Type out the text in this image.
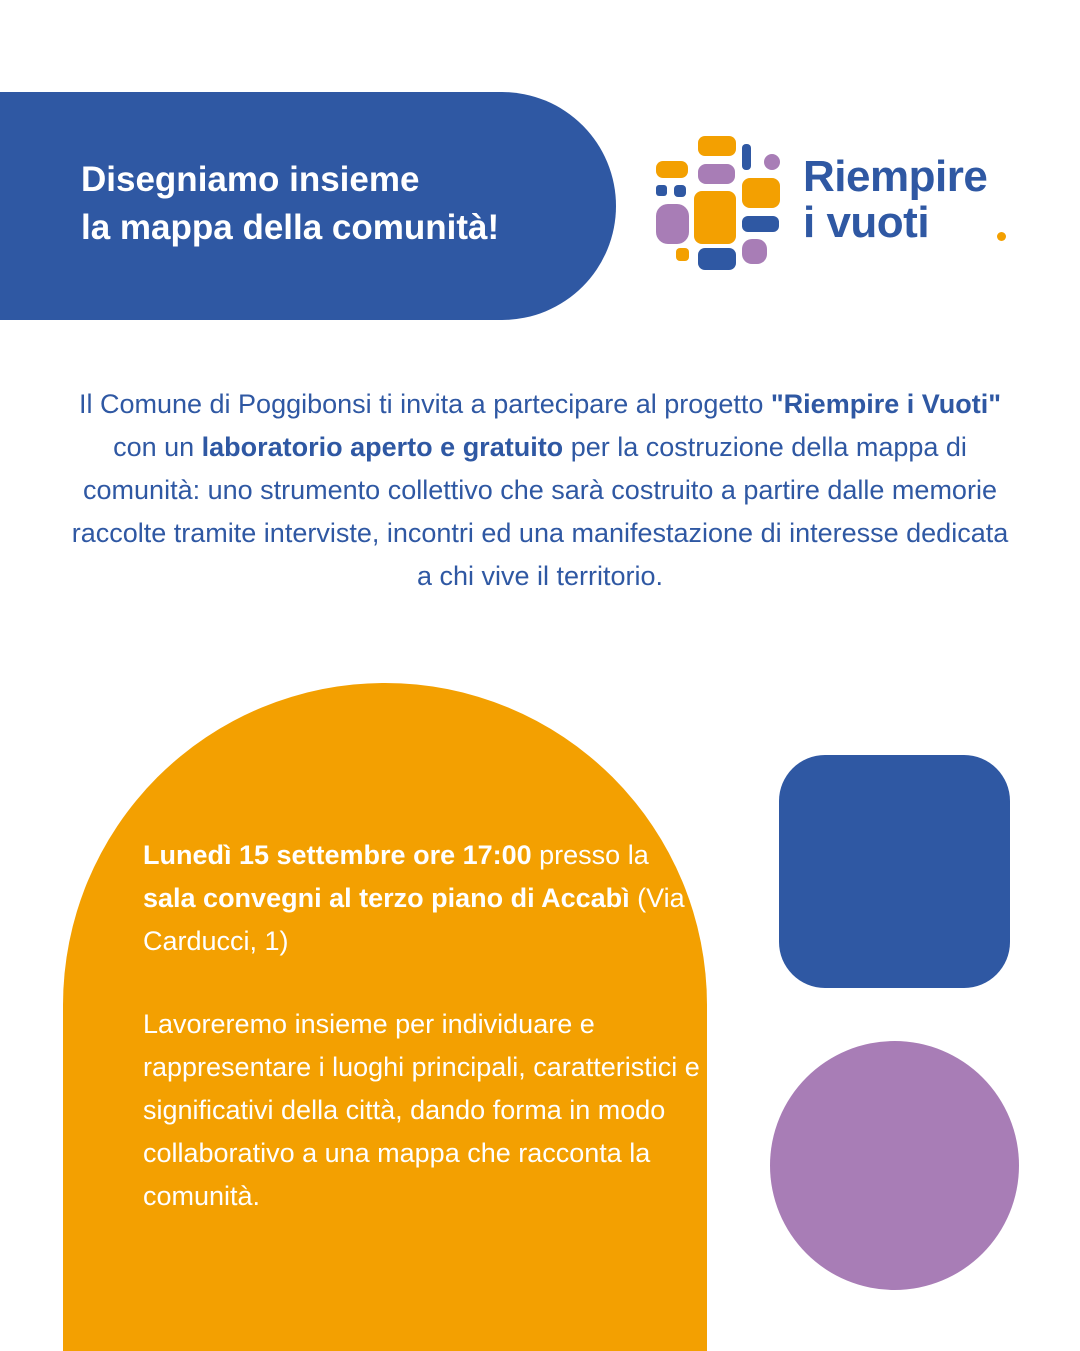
Disegniamo insieme
la mappa della comunità!
Riempire
i vuoti

Il Comune di Poggibonsi ti invita a partecipare al progetto "Riempire i Vuoti" con un laboratorio aperto e gratuito per la costruzione della mappa di comunità: uno strumento collettivo che sarà costruito a partire dalle memorie raccolte tramite interviste, incontri ed una manifestazione di interesse dedicata a chi vive il territorio.

Lunedì 15 settembre ore 17:00 presso la sala convegni al terzo piano di Accabì (Via Carducci, 1)

Lavoreremo insieme per individuare e rappresentare i luoghi principali, caratteristici e significativi della città, dando forma in modo collaborativo a una mappa che racconta la comunità.
